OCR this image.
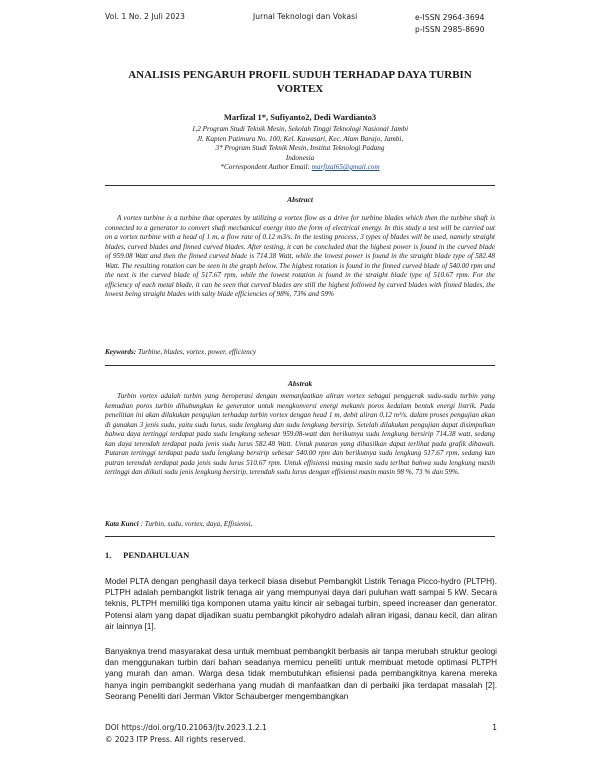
Vol. 1 No. 2 Juli 2023	Jurnal Teknologi dan Vokasi	e-ISSN 2964-3694
p-ISSN 2985-8690
ANALISIS PENGARUH PROFIL SUDUH TERHADAP DAYA TURBIN VORTEX
Marfizal 1*, Sufiyanto2, Dedi Wardianto3
1,2 Program Studi Teknik Mesin, Sekolah Tinggi Teknologi Nasional Jambi
Jl. Kapten Patimura No. 100, Kel. Kawasari, Kec. Alam Barajo, Jambi,
3* Program Studi Teknik Mesin, Institut Teknologi Padang
Indonesia
*Correspondent Author Email: marfizal65@gmail.com
Abstract

A vortex turbine is a turbine that operates by utilizing a vortex flow as a drive for turbine blades which then the turbine shaft is connected to a generator to convert shaft mechanical energy into the form of electrical energy. In this study a test will be carried out on a vortex turbine with a head of 1 m, a flow rate of 0.12 m3/s. In the testing process, 3 types of blades will be used, namely straight blades, curved blades and finned curved blades. After testing, it can be concluded that the highest power is found in the curved blade of 959.08 Watt and then the finned curved blade is 714.38 Watt, while the lowest power is found in the straight blade type of 582.48 Watt. The resulting rotation can be seen in the graph below. The highest rotation is found in the finned curved blade of 540.00 rpm and the next is the curved blade of 517.67 rpm, while the lowest rotation is found in the straight blade type of 510.67 rpm. For the efficiency of each metal blade, it can be seen that curved blades are still the highest followed by curved blades with finned blades, the lowest being straight blades with salty blade efficiencies of 98%, 73% and 59%

Keywords: Turbine, blades, vortex, power, efficiency
Abstrak

Turbin vortex adalah turbin yang beroperasi dengan memanfaatkan aliran vortex sebagai penggerak sudu-sudu turbin yang kemudian poros turbin dihubungkan ke generator untuk mengkonversi energi mekanis poros kedalam bentuk energi listrik. Pada penelitian ini akan dilakukan pengujian terhadap turbin vortex dengan head 1 m, debit aliran 0,12 m³/s. dalam proses pengujian akan di gunakan 3 jenis sudu, yaitu sudu lurus, sudu lengkung dan sudu lengkung bersirip. Setelah dilakukan pengujian dapat disimpulkan bahwa daya tertinggi terdapat pada sudu lengkung sebesar 959.08-watt dan berikutnya sudu lengkung bersirip 714.38 watt, sedang kan daya terendah terdapat pada jenis sudu lurus 582.48 Watt. Untuk putaran yang dihasilkan dapat terlihat pada grafik dibawah. Putaran tertinggi terdapat pada sudu lengkung bersirip sebesar 540.00 rpm dan berikutnya sudu lengkung 517.67 rpm, sedang kan putran terendah terdapat pada jenis sudu lurus 510.67 rpm. Untuk effisiensi masing masin sudu terlhat bahwa sudu lengkung masih tertinggi dan diikuti sudu jenis lengkung bersirip, terendah sudu lurus dengan effisiensi masin masin 98 %, 73 % dan 59%.

Kata Kunci : Turbin, sudu, vortex, daya, Effisiensi,
1. PENDAHULUAN

Model PLTA dengan penghasil daya terkecil biasa disebut Pembangkit Listrik Tenaga Picco-hydro (PLTPH). PLTPH adalah pembangkit listrik tenaga air yang mempunyai daya dari puluhan watt sampai 5 kW. Secara teknis, PLTPH memiliki tiga komponen utama yaitu kincir air sebagai turbin, speed increaser dan generator. Potensi alam yang dapat dijadikan suatu pembangkit pikohydro adalah aliran irigasi, danau kecil, dan aliran air lainnya [1].

Banyaknya trend masyarakat desa untuk membuat pembangkit berbasis air tanpa merubah struktur geologi dan menggunakan turbin dari bahan seadanya memicu peneliti untuk membuat metode optimasi PLTPH yang murah dan aman. Warga desa tidak membutuhkan efisiensi pada pembangkitnya karena mereka hanya ingin pembangkit sederhana yang mudah di manfaatkan dan di perbaiki jika terdapat masalah [2]. Seorang Peneliti dari Jerman Viktor Schauberger mengembangkan

DOI https://doi.org/10.21063/jtv.2023.1.2.1
© 2023 ITP Press. All rights reserved.
1
